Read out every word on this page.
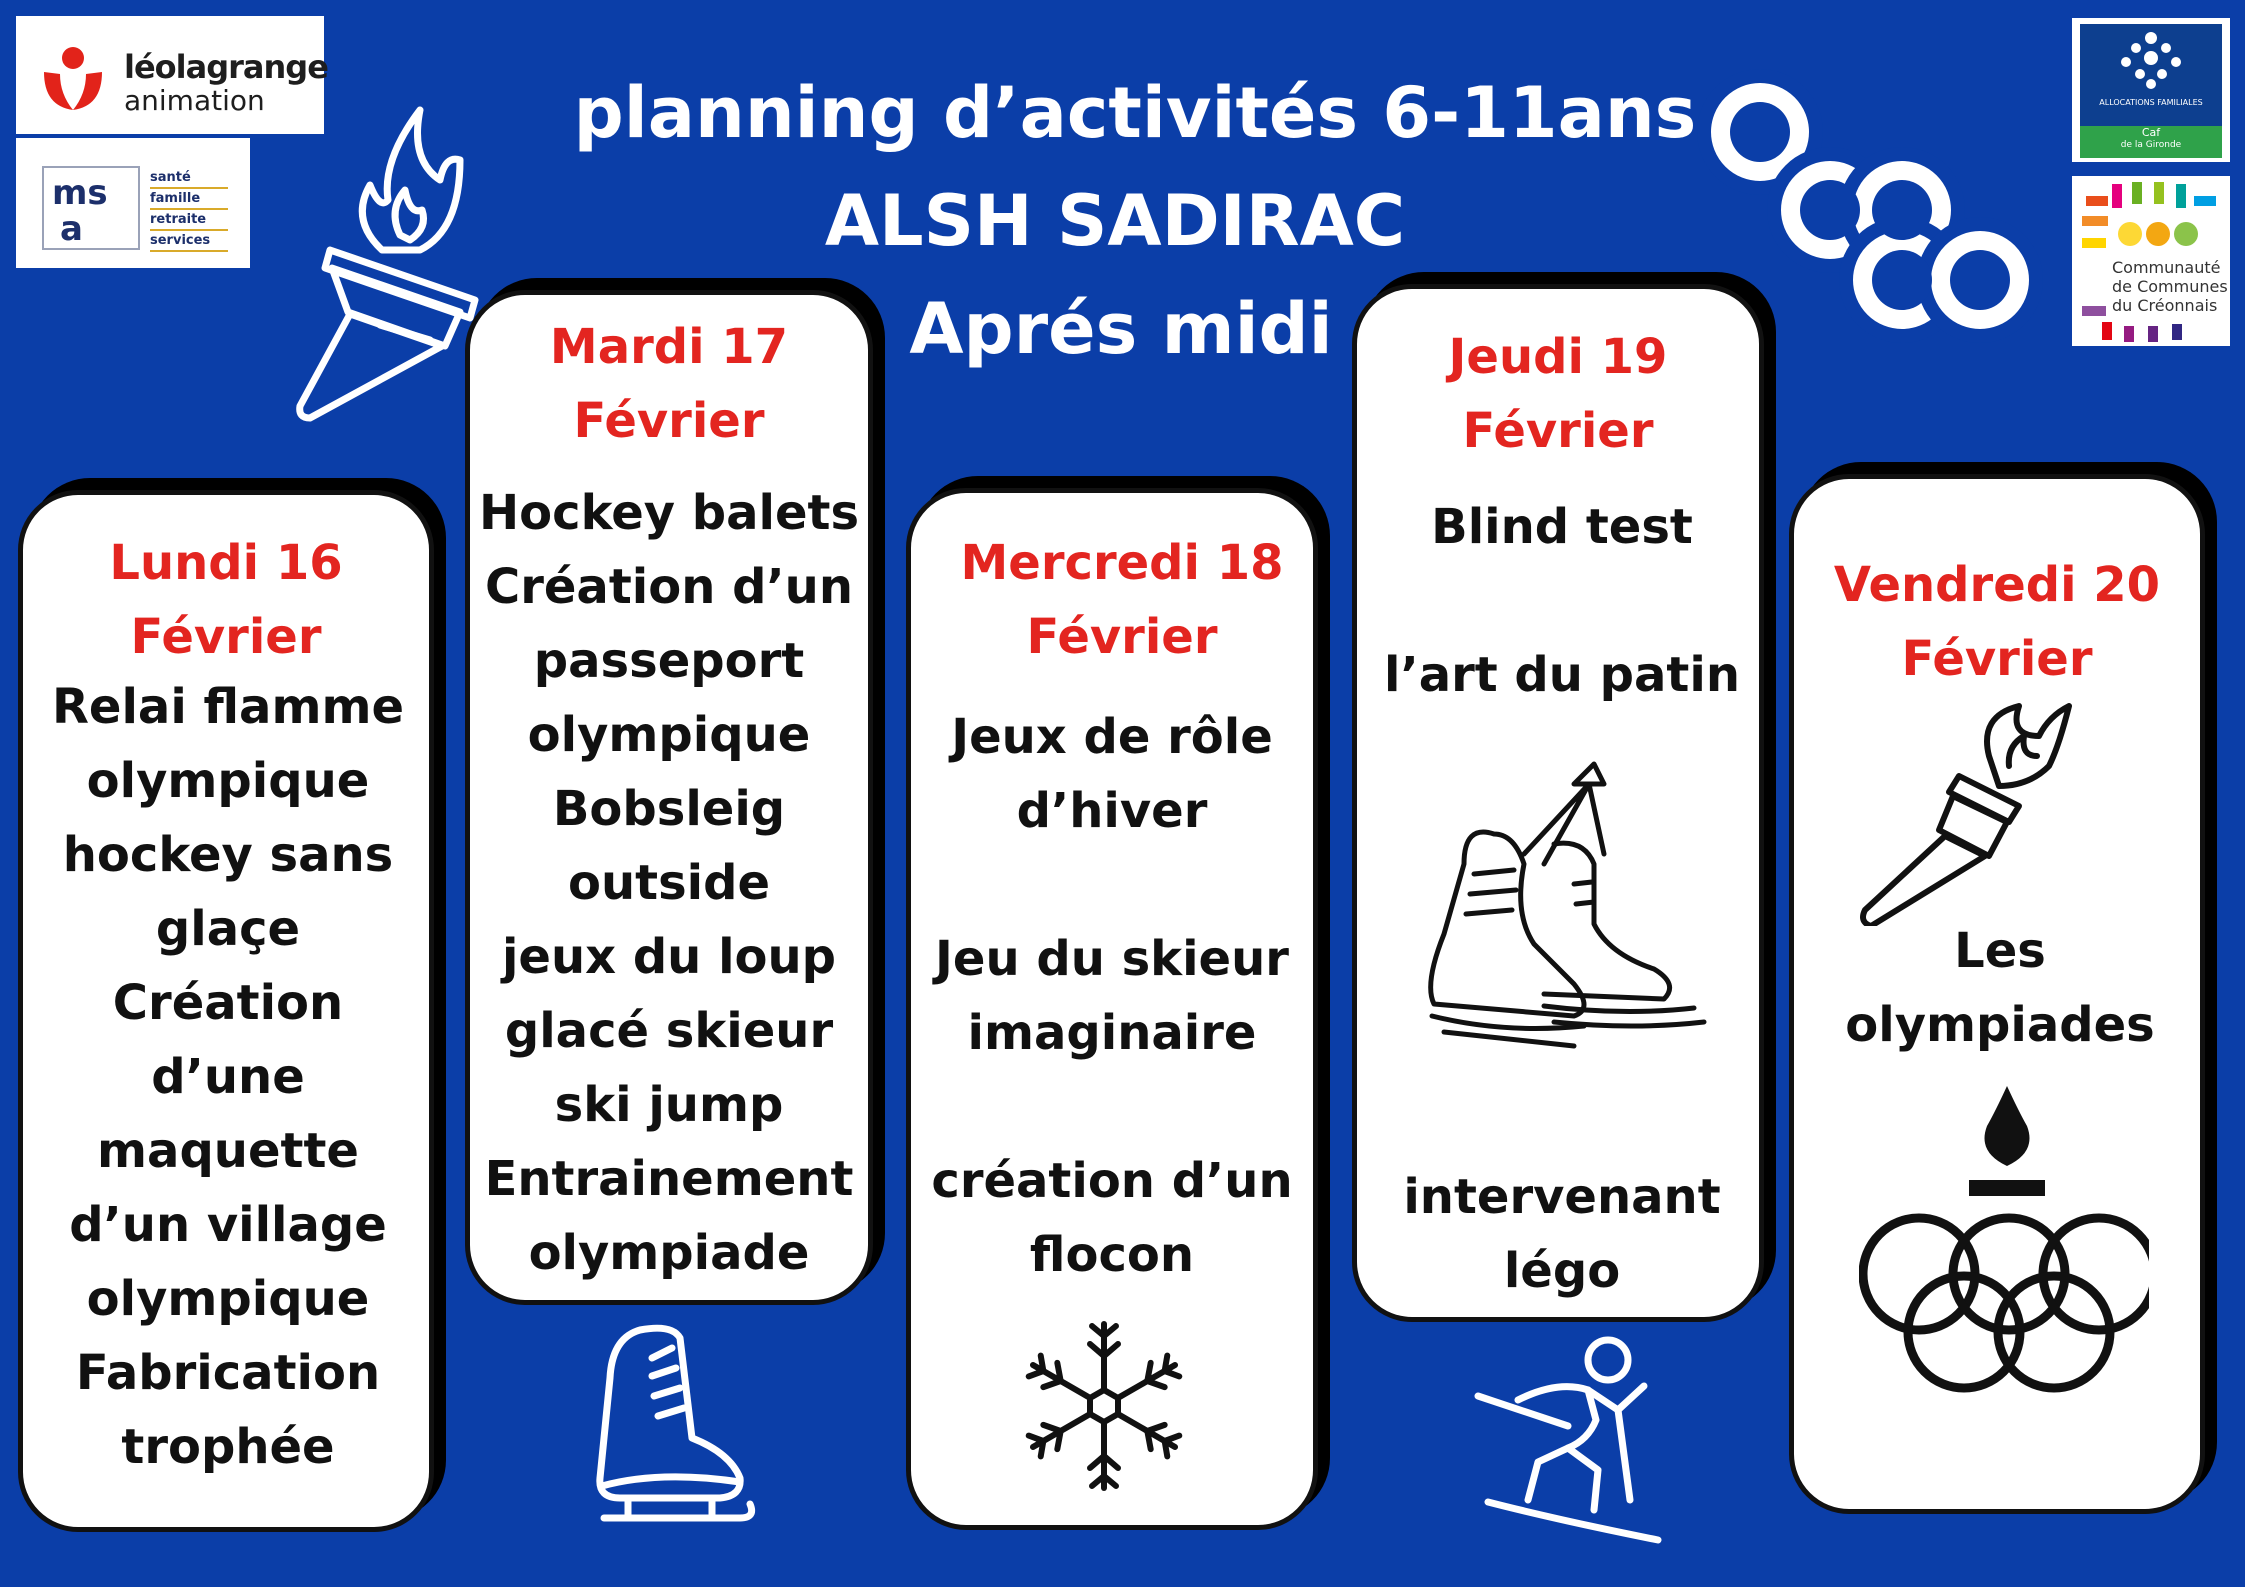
léolagrange
animation
ms
a
santé
famille
retraite
services
ALLOCATIONS FAMILIALES
Caf
de la Gironde
Communauté
de Communes
du Créonnais
planning d’activités 6-11ans
ALSH SADIRAC
Aprés midi
Lundi 16
Février
Relai flamme
olympique
hockey sans
glaçe
Création
d’une
maquette
d’un village
olympique
Fabrication
trophée
Mardi 17
Février
Hockey balets
Création d’un
passeport
olympique
Bobsleig
outside
jeux du loup
glacé skieur
ski jump
Entrainement
olympiade
Mercredi 18
Février
Jeux de rôle
d’hiver
Jeu du skieur
imaginaire
création d’un
flocon
Jeudi 19
Février
Blind test
l’art du patin
intervenant
légo
Vendredi 20
Février
Les
olympiades
